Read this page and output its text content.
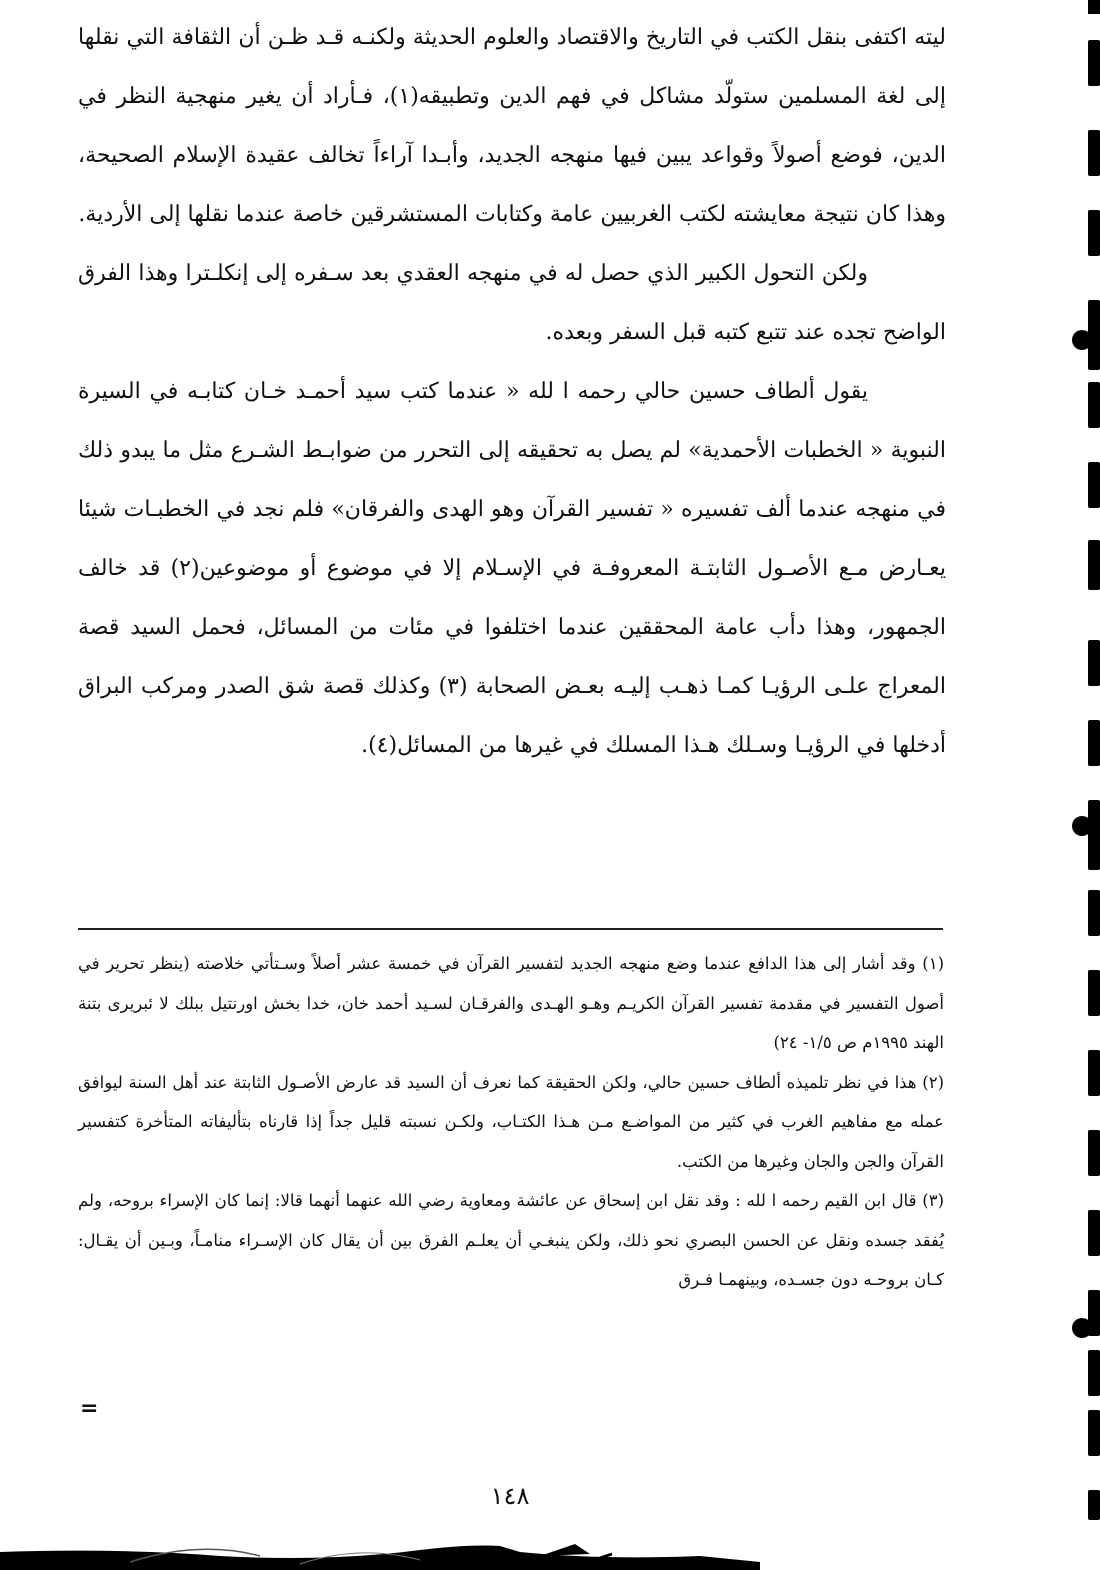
ليته اكتفى بنقل الكتب في التاريخ والاقتصاد والعلوم الحديثة ولكنـه قـد ظـن أن الثقافة التي نقلها إلى لغة المسلمين ستولّد مشاكل في فهم الدين وتطبيقه(١)، فـأراد أن يغير منهجية النظر في الدين، فوضع أصولاً وقواعد يبين فيها منهجه الجديد، وأبـدا آراءاً تخالف عقيدة الإسلام الصحيحة، وهذا كان نتيجة معايشته لكتب الغربيين عامة وكتابات المستشرقين خاصة عندما نقلها إلى الأردية.

ولكن التحول الكبير الذي حصل له في منهجه العقدي بعد سـفره إلى إنكلـترا وهذا الفرق الواضح تجده عند تتبع كتبه قبل السفر وبعده.

يقول ألطاف حسين حالي رحمه ا لله « عندما كتب سيد أحمـد خـان كتابـه في السيرة النبوية « الخطبات الأحمدية» لم يصل به تحقيقه إلى التحرر من ضوابـط الشـرع مثل ما يبدو ذلك في منهجه عندما ألف تفسيره « تفسير القرآن وهو الهدى والفرقان» فلم نجد في الخطبـات شيئا يعـارض مـع الأصـول الثابتـة المعروفـة في الإسـلام إلا في موضوع أو موضوعين(٢) قد خالف الجمهور، وهذا دأب عامة المحققين عندما اختلفوا في مئات من المسائل، فحمل السيد قصة المعراج علـى الرؤيـا كمـا ذهـب إليـه بعـض الصحابة (٣) وكذلك قصة شق الصدر ومركب البراق أدخلها في الرؤيـا وسـلك هـذا المسلك في غيرها من المسائل(٤).

(١) وقد أشار إلى هذا الدافع عندما وضع منهجه الجديد لتفسير القرآن في خمسة عشر أصلاً وسـتأتي خلاصته (ينظر تحرير في أصول التفسير في مقدمة تفسير القرآن الكريـم وهـو الهـدى والفرقـان لسـيد أحمد خان، خدا بخش اورنتيل ببلك لا ئبريرى بتنة الهند ١٩٩٥م ص ١/٥- ٢٤)

(٢) هذا في نظر تلميذه ألطاف حسين حالي، ولكن الحقيقة كما نعرف أن السيد قد عارض الأصـول الثابتة عند أهل السنة ليوافق عمله مع مفاهيم الغرب في كثير من المواضـع مـن هـذا الكتـاب، ولكـن نسبته قليل جداً إذا قارناه بتأليفاته المتأخرة كتفسير القرآن والجن والجان وغيرها من الكتب.

(٣) قال ابن القيم رحمه ا لله : وقد نقل ابن إسحاق عن عائشة ومعاوية رضي الله عنهما أنهما قالا: إنما كان الإسراء بروحه، ولم يُفقد جسده ونقل عن الحسن البصري نحو ذلك، ولكن ينبغـي أن يعلـم الفرق بين أن يقال كان الإسـراء منامـاً، وبـين أن يقـال: كـان بروحـه دون جسـده، وبينهمـا فـرق

=
١٤٨
